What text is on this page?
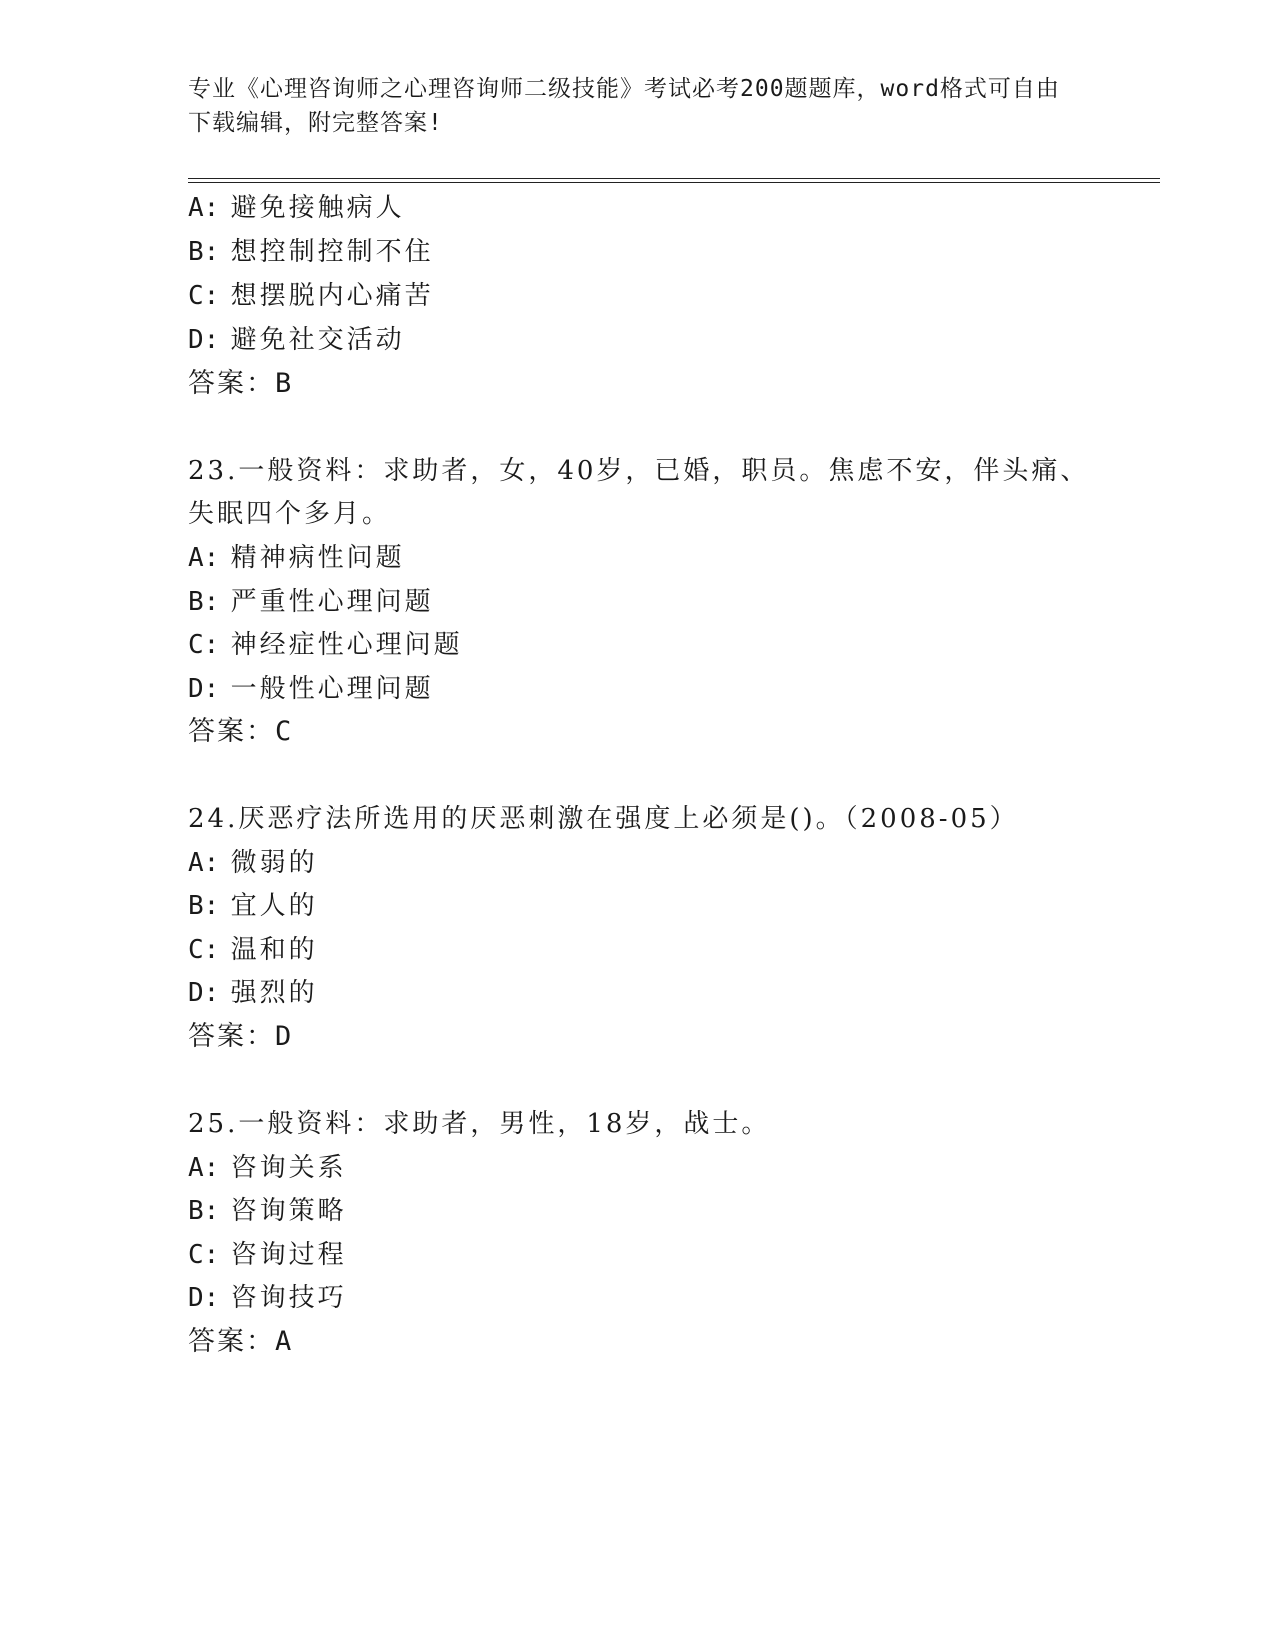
专业《心理咨询师之心理咨询师二级技能》考试必考200题题库，word格式可自由下载编辑，附完整答案!
A: 避免接触病人
B: 想控制控制不住
C: 想摆脱内心痛苦
D: 避免社交活动
答案：B
23.一般资料：求助者，女，40岁，已婚，职员。焦虑不安，伴头痛、
失眠四个多月。
A: 精神病性问题
B: 严重性心理问题
C: 神经症性心理问题
D: 一般性心理问题
答案：C
24.厌恶疗法所选用的厌恶刺激在强度上必须是()。（2008-05）
A: 微弱的
B: 宜人的
C: 温和的
D: 强烈的
答案：D
25.一般资料：求助者，男性，18岁，战士。
A: 咨询关系
B: 咨询策略
C: 咨询过程
D: 咨询技巧
答案：A
